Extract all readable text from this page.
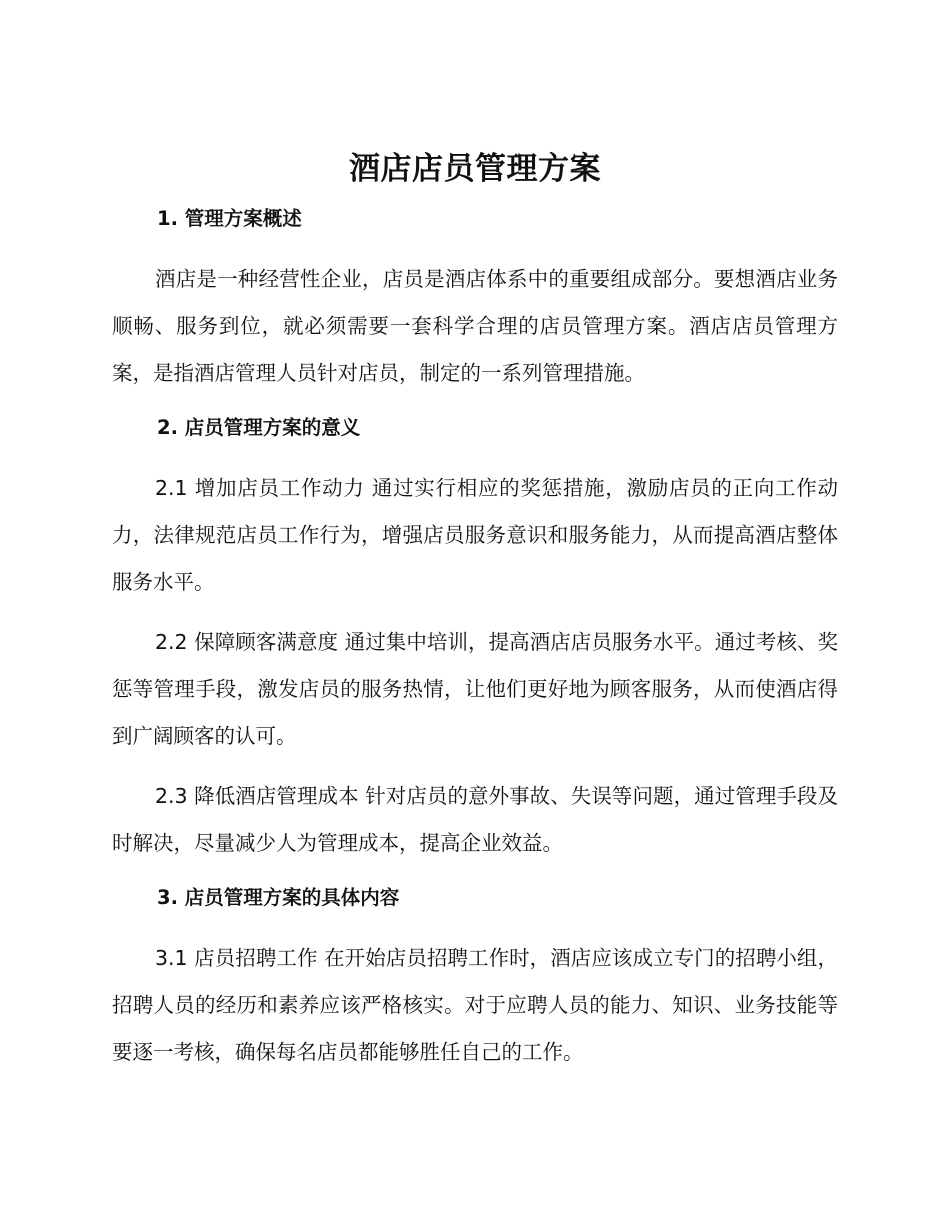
酒店店员管理方案
1. 管理方案概述

酒店是一种经营性企业，店员是酒店体系中的重要组成部分。要想酒店业务顺畅、服务到位，就必须需要一套科学合理的店员管理方案。酒店店员管理方案，是指酒店管理人员针对店员，制定的一系列管理措施。

2. 店员管理方案的意义

2.1 增加店员工作动力 通过实行相应的奖惩措施，激励店员的正向工作动力，法律规范店员工作行为，增强店员服务意识和服务能力，从而提高酒店整体服务水平。

2.2 保障顾客满意度 通过集中培训，提高酒店店员服务水平。通过考核、奖惩等管理手段，激发店员的服务热情，让他们更好地为顾客服务，从而使酒店得到广阔顾客的认可。

2.3 降低酒店管理成本 针对店员的意外事故、失误等问题，通过管理手段及时解决，尽量减少人为管理成本，提高企业效益。

3. 店员管理方案的具体内容

3.1 店员招聘工作 在开始店员招聘工作时，酒店应该成立专门的招聘小组，招聘人员的经历和素养应该严格核实。对于应聘人员的能力、知识、业务技能等要逐一考核，确保每名店员都能够胜任自己的工作。
